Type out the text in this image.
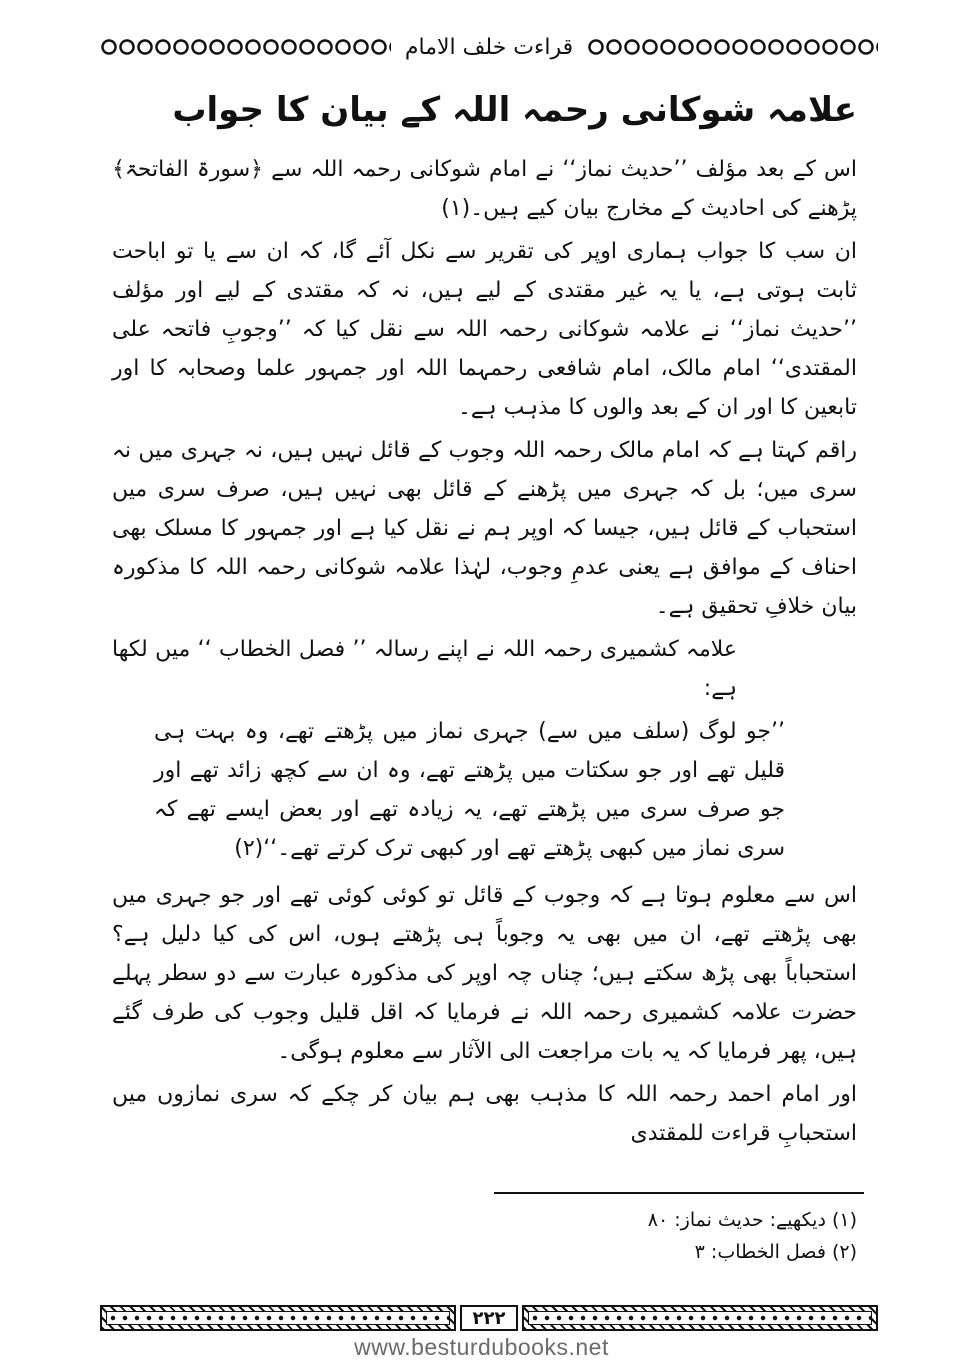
قراءت خلف الامام
علامہ شوکانی رحمہ اللہ کے بیان کا جواب

اس کے بعد مؤلف ’’حدیث نماز‘‘ نے امام شوکانی رحمہ اللہ سے ﴿سورۃ الفاتحۃ﴾ پڑھنے کی احادیث کے مخارج بیان کیے ہیں۔(۱)

ان سب کا جواب ہماری اوپر کی تقریر سے نکل آئے گا، کہ ان سے یا تو اباحت ثابت ہوتی ہے، یا یہ غیر مقتدی کے لیے ہیں، نہ کہ مقتدی کے لیے اور مؤلف ’’حدیث نماز‘‘ نے علامہ شوکانی رحمہ اللہ سے نقل کیا کہ ’’وجوبِ فاتحہ علی المقتدی‘‘ امام مالک، امام شافعی رحمہما اللہ اور جمہور علما وصحابہ کا اور تابعین کا اور ان کے بعد والوں کا مذہب ہے۔

راقم کہتا ہے کہ امام مالک رحمہ اللہ وجوب کے قائل نہیں ہیں، نہ جہری میں نہ سری میں؛ بل کہ جہری میں پڑھنے کے قائل بھی نہیں ہیں، صرف سری میں استحباب کے قائل ہیں، جیسا کہ اوپر ہم نے نقل کیا ہے اور جمہور کا مسلک بھی احناف کے موافق ہے یعنی عدمِ وجوب، لہٰذا علامہ شوکانی رحمہ اللہ کا مذکورہ بیان خلافِ تحقیق ہے۔

علامہ کشمیری رحمہ اللہ نے اپنے رسالہ ’’ فصل الخطاب ‘‘ میں لکھا ہے:

’’جو لوگ (سلف میں سے) جہری نماز میں پڑھتے تھے، وہ بہت ہی قلیل تھے اور جو سکتات میں پڑھتے تھے، وہ ان سے کچھ زائد تھے اور جو صرف سری میں پڑھتے تھے، یہ زیادہ تھے اور بعض ایسے تھے کہ سری نماز میں کبھی پڑھتے تھے اور کبھی ترک کرتے تھے۔‘‘(۲)

اس سے معلوم ہوتا ہے کہ وجوب کے قائل تو کوئی کوئی تھے اور جو جہری میں بھی پڑھتے تھے، ان میں بھی یہ وجوباً ہی پڑھتے ہوں، اس کی کیا دلیل ہے؟ استحباباً بھی پڑھ سکتے ہیں؛ چناں چہ اوپر کی مذکورہ عبارت سے دو سطر پہلے حضرت علامہ کشمیری رحمہ اللہ نے فرمایا کہ اقل قلیل وجوب کی طرف گئے ہیں، پھر فرمایا کہ یہ بات مراجعت الی الآثار سے معلوم ہوگی۔

اور امام احمد رحمہ اللہ کا مذہب بھی ہم بیان کر چکے کہ سری نمازوں میں استحبابِ قراءت للمقتدی

(۱) دیکھیے: حدیث نماز: ۸۰
(۲) فصل الخطاب: ۳
۲۲۲
www.besturdubooks.net
